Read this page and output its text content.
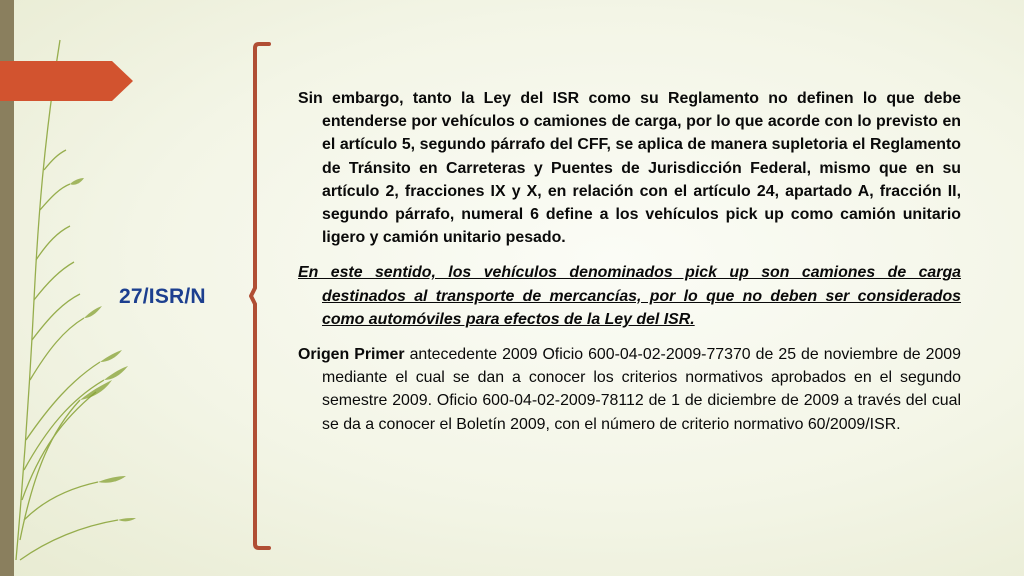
27/ISR/N

Sin embargo, tanto la Ley del ISR como su Reglamento no definen lo que debe entenderse por vehículos o camiones de carga, por lo que acorde con lo previsto en el artículo 5, segundo párrafo del CFF, se aplica de manera supletoria el Reglamento de Tránsito en Carreteras y Puentes de Jurisdicción Federal, mismo que en su artículo 2, fracciones IX y X, en relación con el artículo 24, apartado A, fracción II, segundo párrafo, numeral 6 define a los vehículos pick up como camión unitario ligero y camión unitario pesado.

En este sentido, los vehículos denominados pick up son camiones de carga destinados al transporte de mercancías, por lo que no deben ser considerados como automóviles para efectos de la Ley del ISR.

Origen Primer antecedente 2009 Oficio 600-04-02-2009-77370 de 25 de noviembre de 2009 mediante el cual se dan a conocer los criterios normativos aprobados en el segundo semestre 2009. Oficio 600-04-02-2009-78112 de 1 de diciembre de 2009 a través del cual se da a conocer el Boletín 2009, con el número de criterio normativo 60/2009/ISR.
